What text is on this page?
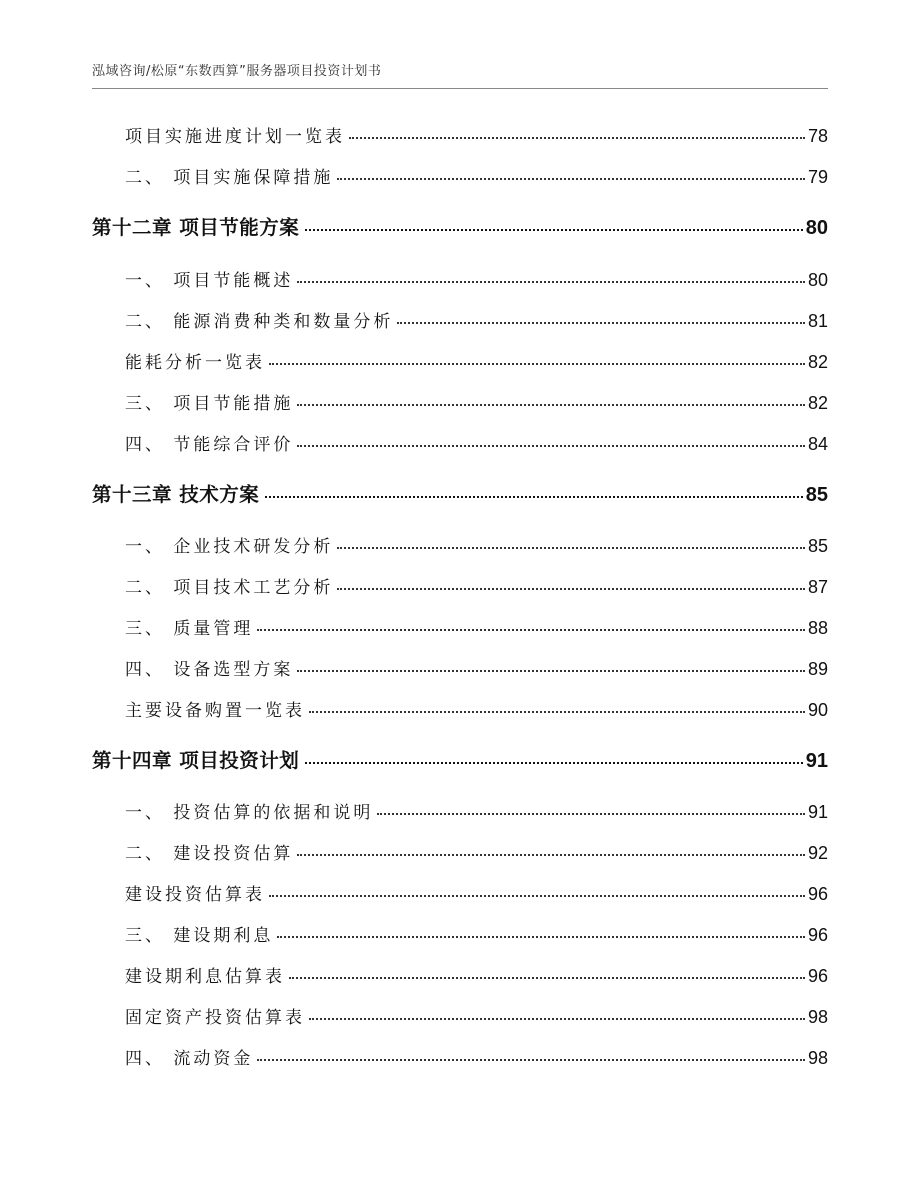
泓域咨询/松原“东数西算”服务器项目投资计划书
项目实施进度计划一览表	78
二、 项目实施保障措施	79
第十二章 项目节能方案	80
一、 项目节能概述	80
二、 能源消费种类和数量分析	81
能耗分析一览表	82
三、 项目节能措施	82
四、 节能综合评价	84
第十三章 技术方案	85
一、 企业技术研发分析	85
二、 项目技术工艺分析	87
三、 质量管理	88
四、 设备选型方案	89
主要设备购置一览表	90
第十四章 项目投资计划	91
一、 投资估算的依据和说明	91
二、 建设投资估算	92
建设投资估算表	96
三、 建设期利息	96
建设期利息估算表	96
固定资产投资估算表	98
四、 流动资金	98
